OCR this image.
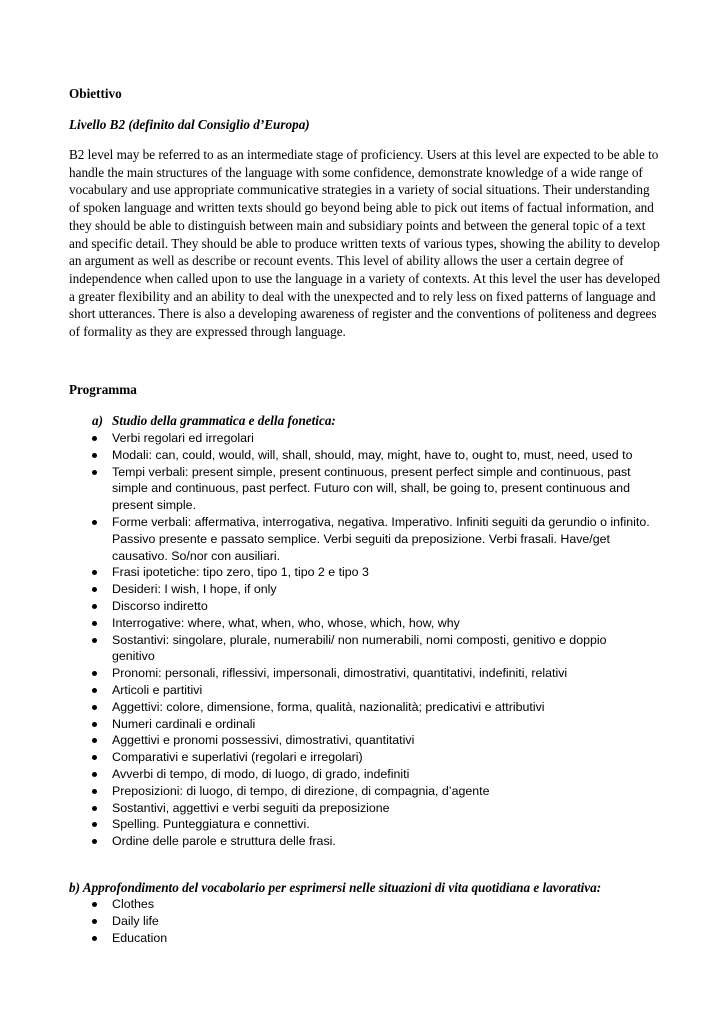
Obiettivo
Livello B2 (definito dal Consiglio d’Europa)

B2 level may be referred to as an intermediate stage of proficiency. Users at this level are expected to be able to handle the main structures of the language with some confidence, demonstrate knowledge of a wide range of vocabulary and use appropriate communicative strategies in a variety of social situations. Their understanding of spoken language and written texts should go beyond being able to pick out items of factual information, and they should be able to distinguish between main and subsidiary points and between the general topic of a text and specific detail. They should be able to produce written texts of various types, showing the ability to develop an argument as well as describe or recount events. This level of ability allows the user a certain degree of independence when called upon to use the language in a variety of contexts. At this level the user has developed a greater flexibility and an ability to deal with the unexpected and to rely less on fixed patterns of language and short utterances. There is also a developing awareness of register and the conventions of politeness and degrees of formality as they are expressed through language.

Programma
a) Studio della grammatica e della fonetica:
Verbi regolari ed irregolari
Modali: can, could, would, will, shall, should, may, might, have to, ought to, must, need, used to
Tempi verbali: present simple, present continuous, present perfect simple and continuous, past simple and continuous, past perfect. Futuro con will, shall, be going to, present continuous and present simple.
Forme verbali: affermativa, interrogativa, negativa. Imperativo. Infiniti seguiti da gerundio o infinito. Passivo presente e passato semplice. Verbi seguiti da preposizione. Verbi frasali. Have/get causativo. So/nor con ausiliari.
Frasi ipotetiche: tipo zero, tipo 1, tipo 2 e tipo 3
Desideri: I wish, I hope, if only
Discorso indiretto
Interrogative: where, what, when, who, whose, which, how, why
Sostantivi: singolare, plurale, numerabili/ non numerabili, nomi composti, genitivo e doppio genitivo
Pronomi: personali, riflessivi, impersonali, dimostrativi, quantitativi, indefiniti, relativi
Articoli e partitivi
Aggettivi: colore, dimensione, forma, qualità, nazionalità; predicativi e attributivi
Numeri cardinali e ordinali
Aggettivi e pronomi possessivi, dimostrativi, quantitativi
Comparativi e superlativi (regolari e irregolari)
Avverbi di tempo, di modo, di luogo, di grado, indefiniti
Preposizioni: di luogo, di tempo, di direzione, di compagnia, d’agente
Sostantivi, aggettivi e verbi seguiti da preposizione
Spelling. Punteggiatura e connettivi.
Ordine delle parole e struttura delle frasi.
b) Approfondimento del vocabolario per esprimersi nelle situazioni di vita quotidiana e lavorativa:
Clothes
Daily life
Education
